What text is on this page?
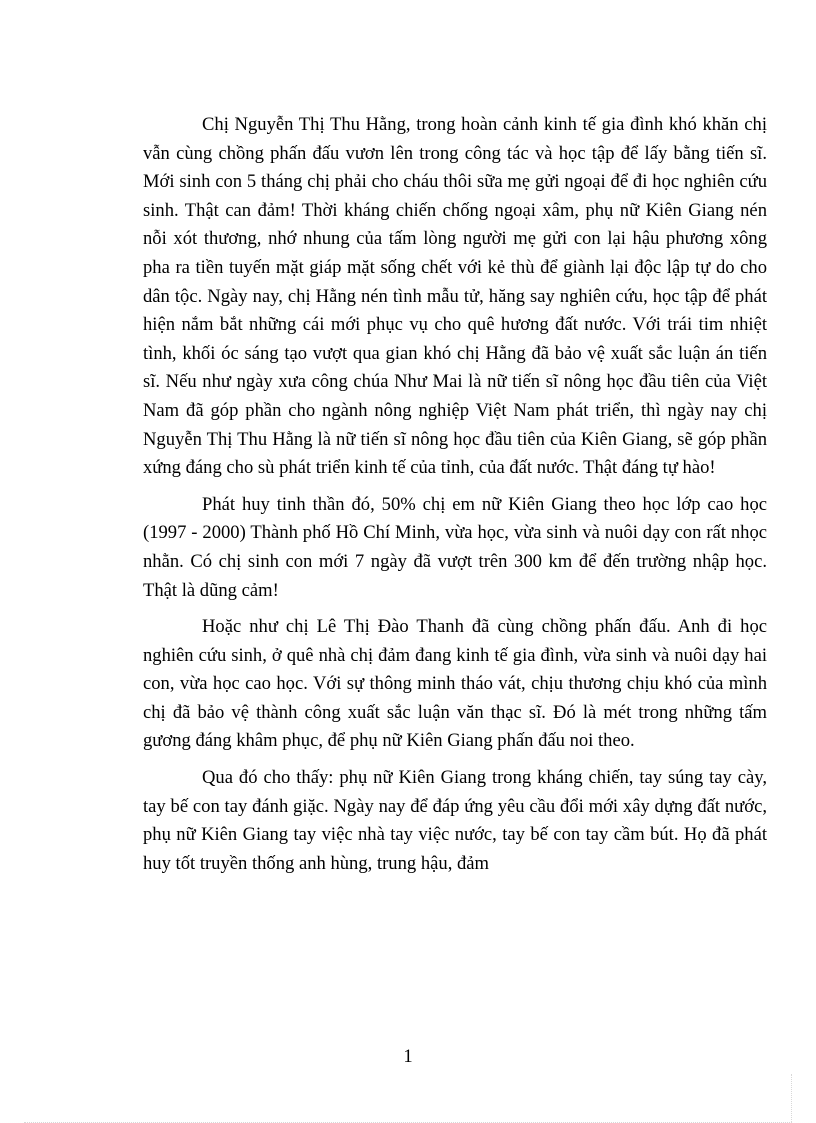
Chị Nguyễn Thị Thu Hằng, trong hoàn cảnh kinh tế gia đình khó khăn chị vẫn cùng chồng phấn đấu vươn lên trong công tác và học tập để lấy bằng tiến sĩ. Mới sinh con 5 tháng chị phải cho cháu thôi sữa mẹ gửi ngoại để đi học nghiên cứu sinh. Thật can đảm! Thời kháng chiến chống ngoại xâm, phụ nữ Kiên Giang nén nỗi xót thương, nhớ nhung của tấm lòng người mẹ gửi con lại hậu phương xông pha ra tiền tuyến mặt giáp mặt sống chết với kẻ thù để giành lại độc lập tự do cho dân tộc. Ngày nay, chị Hằng nén tình mẫu tử, hăng say nghiên cứu, học tập để phát hiện nắm bắt những cái mới phục vụ cho quê hương đất nước. Với trái tim nhiệt tình, khối óc sáng tạo vượt qua gian khó chị Hằng đã bảo vệ xuất sắc luận án tiến sĩ. Nếu như ngày xưa công chúa Như Mai là nữ tiến sĩ nông học đầu tiên của Việt Nam đã góp phần cho ngành nông nghiệp Việt Nam phát triển, thì ngày nay chị Nguyễn Thị Thu Hằng là nữ tiến sĩ nông học đầu tiên của Kiên Giang, sẽ góp phần xứng đáng cho sù phát triển kinh tế của tỉnh, của đất nước. Thật đáng tự hào!

Phát huy tinh thần đó, 50% chị em nữ Kiên Giang theo học lớp cao học (1997 - 2000) Thành phố Hồ Chí Minh, vừa học, vừa sinh và nuôi dạy con rất nhọc nhằn. Có chị sinh con mới 7 ngày đã vượt trên 300 km để đến trường nhập học. Thật là dũng cảm!

Hoặc như chị Lê Thị Đào Thanh đã cùng chồng phấn đấu. Anh đi học nghiên cứu sinh, ở quê nhà chị đảm đang kinh tế gia đình, vừa sinh và nuôi dạy hai con, vừa học cao học. Với sự thông minh tháo vát, chịu thương chịu khó của mình chị đã bảo vệ thành công xuất sắc luận văn thạc sĩ. Đó là mét trong những tấm gương đáng khâm phục, để phụ nữ Kiên Giang phấn đấu noi theo.

Qua đó cho thấy: phụ nữ Kiên Giang trong kháng chiến, tay súng tay cày, tay bế con tay đánh giặc. Ngày nay để đáp ứng yêu cầu đổi mới xây dựng đất nước, phụ nữ Kiên Giang tay việc nhà tay việc nước, tay bế con tay cầm bút. Họ đã phát huy tốt truyền thống anh hùng, trung hậu, đảm

1
